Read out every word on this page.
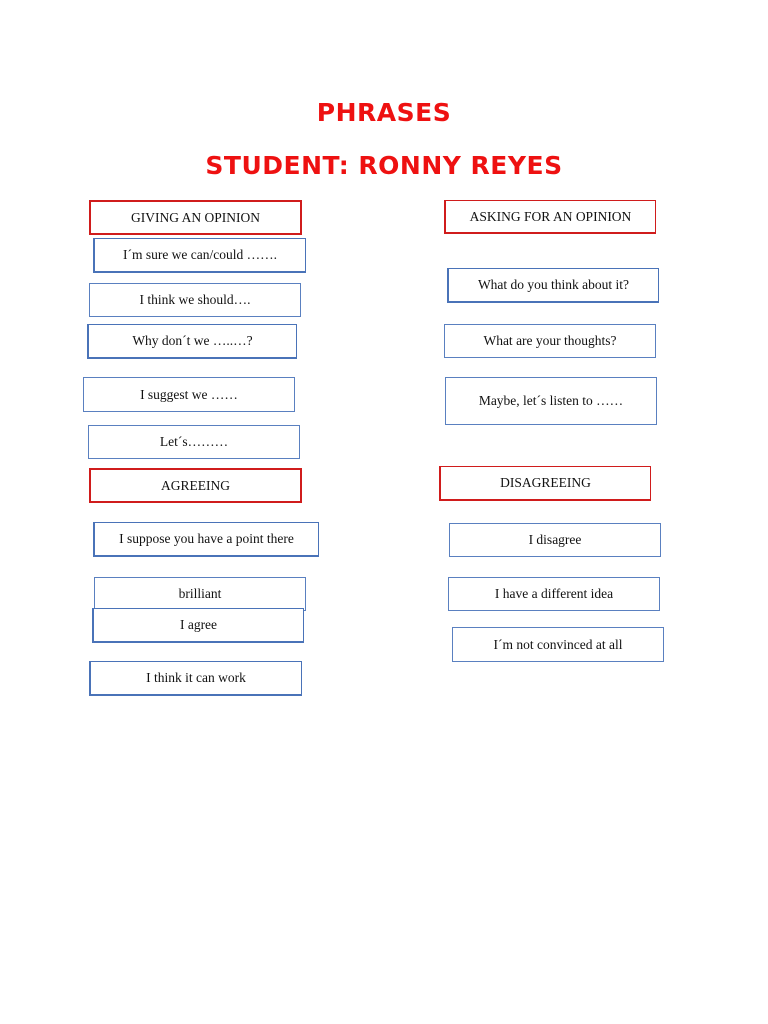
PHRASES
STUDENT: RONNY REYES
GIVING AN OPINION
I´m sure we can/could …….
I think we should….
Why don´t we …..…?
I suggest we ……
Let´s………
ASKING FOR AN OPINION
What do you think about it?
What are your thoughts?
Maybe, let´s listen to ……
AGREEING
I suppose you have a point there
brilliant
I agree
I think it can work
DISAGREEING
I disagree
I have a different idea
I´m not convinced at all
